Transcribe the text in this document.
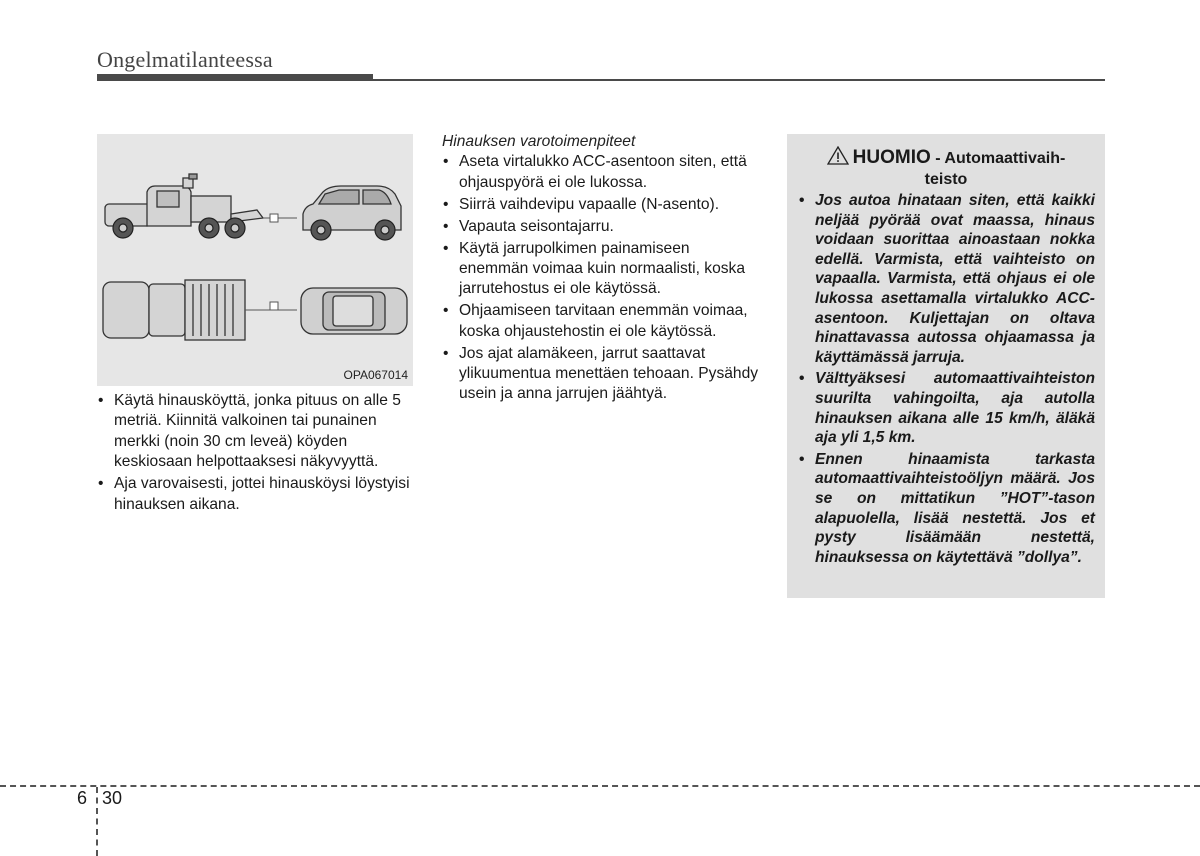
Ongelmatilanteessa
OPA067014
• Käytä hinausköyttä, jonka pituus on alle 5 metriä. Kiinnitä valkoinen tai punainen merkki (noin 30 cm leveä) köyden keskiosaan helpottaaksesi näkyvyyttä.
• Aja varovaisesti, jottei hinausköysi löystyisi hinauksen aikana.
Hinauksen varotoimenpiteet
• Aseta virtalukko ACC-asentoon siten, että ohjauspyörä ei ole lukossa.
• Siirrä vaihdevipu vapaalle (N-asento).
• Vapauta seisontajarru.
• Käytä jarrupolkimen painamiseen enemmän voimaa kuin normaalisti, koska jarrutehostus ei ole käytössä.
• Ohjaamiseen tarvitaan enemmän voimaa, koska ohjaustehostin ei ole käytössä.
• Jos ajat alamäkeen, jarrut saattavat ylikuumentua menettäen tehoaan. Pysähdy usein ja anna jarrujen jäähtyä.
HUOMIO - Automaattivaih-
teisto
• Jos autoa hinataan siten, että kaikki neljää pyörää ovat maassa, hinaus voidaan suorittaa ainoastaan nokka edellä. Varmista, että vaihteisto on vapaalla. Varmista, että ohjaus ei ole lukossa asettamalla virtalukko ACC-asentoon. Kuljettajan on oltava hinattavassa autossa ohjaamassa ja käyttämässä jarruja.
• Välttyäksesi automaattivaihteiston suurilta vahingoilta, aja autolla hinauksen aikana alle 15 km/h, äläkä aja yli 1,5 km.
• Ennen hinaamista tarkasta automaattivaihteistoöljyn määrä. Jos se on mittatikun ”HOT”-tason alapuolella, lisää nestettä. Jos et pysty lisäämään nestettä, hinauksessa on käytettävä ”dollya”.
6 30
